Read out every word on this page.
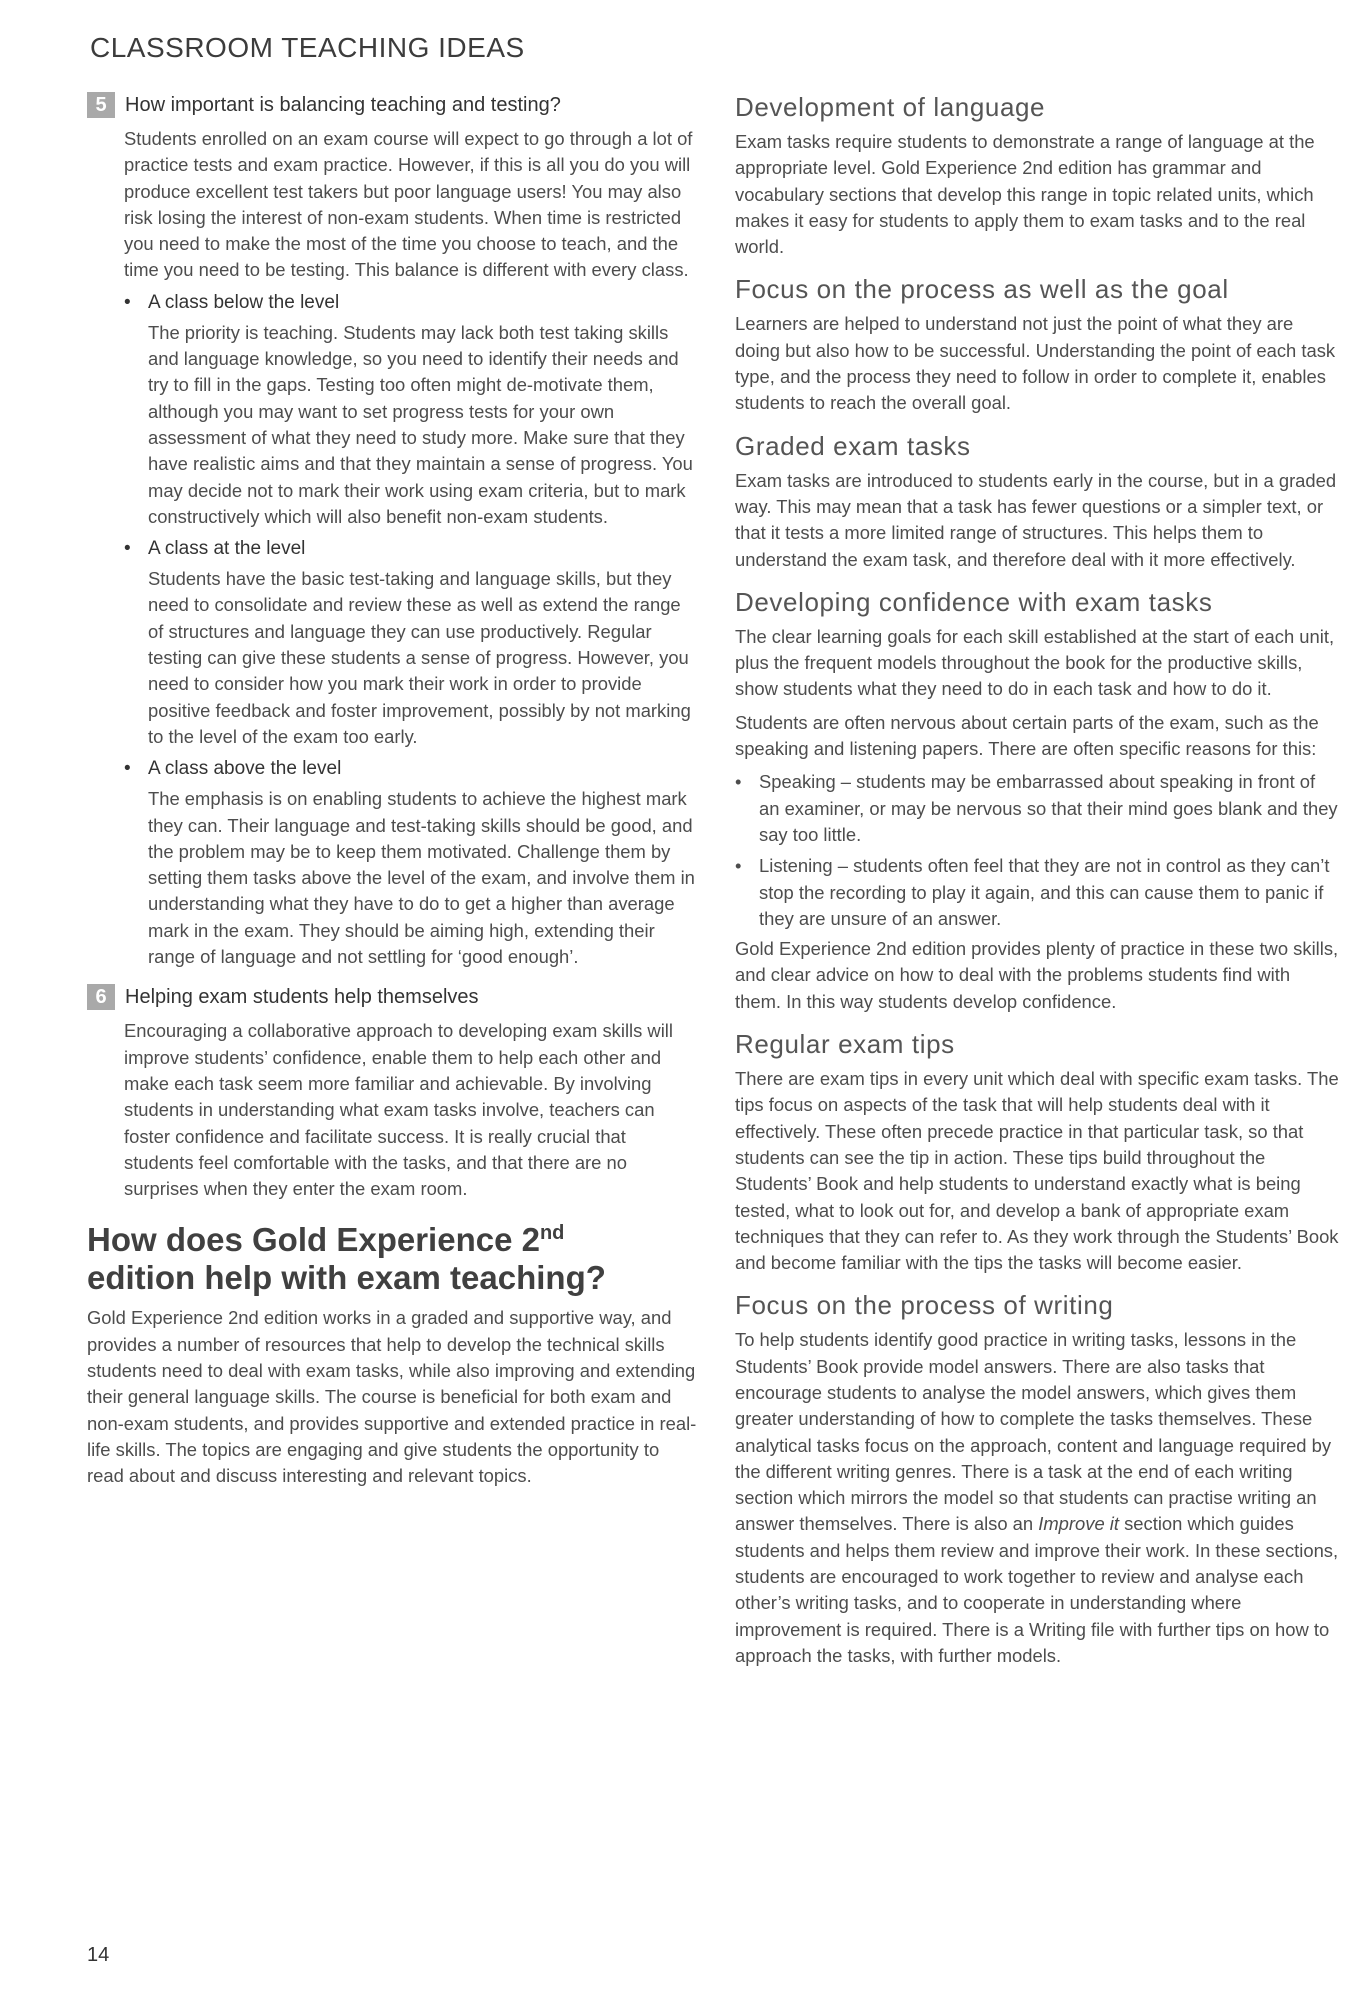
CLASSROOM TEACHING IDEAS
5 How important is balancing teaching and testing?

Students enrolled on an exam course will expect to go through a lot of practice tests and exam practice. However, if this is all you do you will produce excellent test takers but poor language users! You may also risk losing the interest of non-exam students. When time is restricted you need to make the most of the time you choose to teach, and the time you need to be testing. This balance is different with every class.

• A class below the level

The priority is teaching. Students may lack both test taking skills and language knowledge, so you need to identify their needs and try to fill in the gaps. Testing too often might de-motivate them, although you may want to set progress tests for your own assessment of what they need to study more. Make sure that they have realistic aims and that they maintain a sense of progress. You may decide not to mark their work using exam criteria, but to mark constructively which will also benefit non-exam students.

• A class at the level

Students have the basic test-taking and language skills, but they need to consolidate and review these as well as extend the range of structures and language they can use productively. Regular testing can give these students a sense of progress. However, you need to consider how you mark their work in order to provide positive feedback and foster improvement, possibly by not marking to the level of the exam too early.

• A class above the level

The emphasis is on enabling students to achieve the highest mark they can. Their language and test-taking skills should be good, and the problem may be to keep them motivated. Challenge them by setting them tasks above the level of the exam, and involve them in understanding what they have to do to get a higher than average mark in the exam. They should be aiming high, extending their range of language and not settling for ‘good enough’.

6 Helping exam students help themselves

Encouraging a collaborative approach to developing exam skills will improve students’ confidence, enable them to help each other and make each task seem more familiar and achievable. By involving students in understanding what exam tasks involve, teachers can foster confidence and facilitate success. It is really crucial that students feel comfortable with the tasks, and that there are no surprises when they enter the exam room.

How does Gold Experience 2nd
edition help with exam teaching?

Gold Experience 2nd edition works in a graded and supportive way, and provides a number of resources that help to develop the technical skills students need to deal with exam tasks, while also improving and extending their general language skills. The course is beneficial for both exam and non-exam students, and provides supportive and extended practice in real-life skills. The topics are engaging and give students the opportunity to read about and discuss interesting and relevant topics.

Development of language

Exam tasks require students to demonstrate a range of language at the appropriate level. Gold Experience 2nd edition has grammar and vocabulary sections that develop this range in topic related units, which makes it easy for students to apply them to exam tasks and to the real world.

Focus on the process as well as the goal

Learners are helped to understand not just the point of what they are doing but also how to be successful. Understanding the point of each task type, and the process they need to follow in order to complete it, enables students to reach the overall goal.

Graded exam tasks

Exam tasks are introduced to students early in the course, but in a graded way. This may mean that a task has fewer questions or a simpler text, or that it tests a more limited range of structures. This helps them to understand the exam task, and therefore deal with it more effectively.

Developing confidence with exam tasks

The clear learning goals for each skill established at the start of each unit, plus the frequent models throughout the book for the productive skills, show students what they need to do in each task and how to do it.

Students are often nervous about certain parts of the exam, such as the speaking and listening papers. There are often specific reasons for this:

• Speaking – students may be embarrassed about speaking in front of an examiner, or may be nervous so that their mind goes blank and they say too little.

• Listening – students often feel that they are not in control as they can’t stop the recording to play it again, and this can cause them to panic if they are unsure of an answer.

Gold Experience 2nd edition provides plenty of practice in these two skills, and clear advice on how to deal with the problems students find with them. In this way students develop confidence.

Regular exam tips

There are exam tips in every unit which deal with specific exam tasks. The tips focus on aspects of the task that will help students deal with it effectively. These often precede practice in that particular task, so that students can see the tip in action. These tips build throughout the Students’ Book and help students to understand exactly what is being tested, what to look out for, and develop a bank of appropriate exam techniques that they can refer to. As they work through the Students’ Book and become familiar with the tips the tasks will become easier.

Focus on the process of writing

To help students identify good practice in writing tasks, lessons in the Students’ Book provide model answers. There are also tasks that encourage students to analyse the model answers, which gives them greater understanding of how to complete the tasks themselves. These analytical tasks focus on the approach, content and language required by the different writing genres. There is a task at the end of each writing section which mirrors the model so that students can practise writing an answer themselves. There is also an Improve it section which guides students and helps them review and improve their work. In these sections, students are encouraged to work together to review and analyse each other’s writing tasks, and to cooperate in understanding where improvement is required. There is a Writing file with further tips on how to approach the tasks, with further models.

14
